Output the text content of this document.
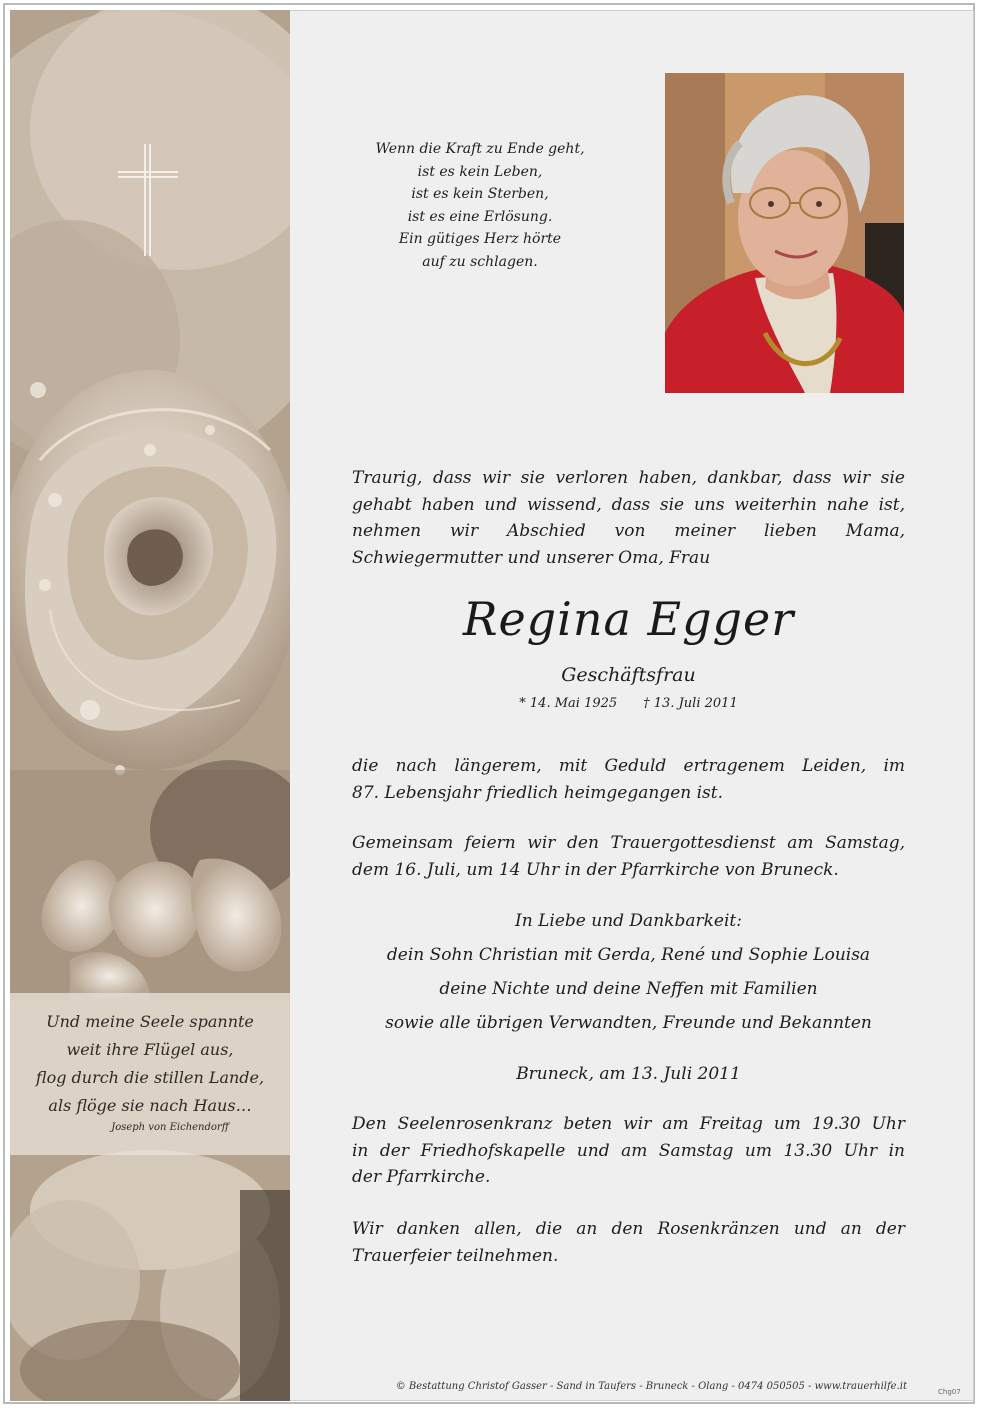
Und meine Seele spannte
weit ihre Flügel aus,
flog durch die stillen Lande,
als flöge sie nach Haus…
Joseph von Eichendorff
Wenn die Kraft zu Ende geht,
ist es kein Leben,
ist es kein Sterben,
ist es eine Erlösung.
Ein gütiges Herz hörte
auf zu schlagen.
Traurig, dass wir sie verloren haben, dankbar, dass wir sie
gehabt haben und wissend, dass sie uns weiterhin nahe ist,
nehmen wir Abschied von meiner lieben Mama,
Schwiegermutter und unserer Oma, Frau
Regina Egger
Geschäftsfrau
* 14. Mai 1925 † 13. Juli 2011
die nach längerem, mit Geduld ertragenem Leiden, im
87. Lebensjahr friedlich heimgegangen ist.
Gemeinsam feiern wir den Trauergottesdienst am Samstag,
dem 16. Juli, um 14 Uhr in der Pfarrkirche von Bruneck.
In Liebe und Dankbarkeit:
dein Sohn Christian mit Gerda, René und Sophie Louisa
deine Nichte und deine Neffen mit Familien
sowie alle übrigen Verwandten, Freunde und Bekannten
Bruneck, am 13. Juli 2011
Den Seelenrosenkranz beten wir am Freitag um 19.30 Uhr
in der Friedhofskapelle und am Samstag um 13.30 Uhr in
der Pfarrkirche.
Wir danken allen, die an den Rosenkränzen und an der
Trauerfeier teilnehmen.
© Bestattung Christof Gasser - Sand in Taufers - Bruneck - Olang - 0474 050505 - www.trauerhilfe.it	Chg07
